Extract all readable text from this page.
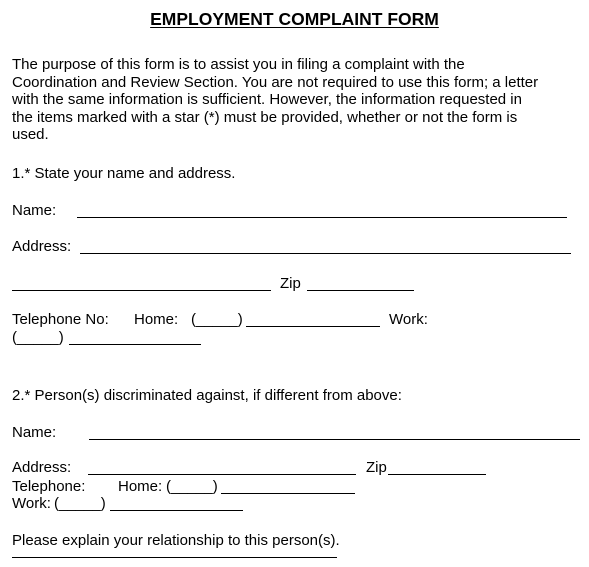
EMPLOYMENT COMPLAINT FORM
The purpose of this form is to assist you in filing a complaint with the
Coordination and Review Section. You are not required to use this form; a letter
with the same information is sufficient. However, the information requested in
the items marked with a star (*) must be provided, whether or not the form is
used.
1.* State your name and address.
Name:
Address:
Zip
Telephone No: Home: (_____)	Work:
(_____)
2.* Person(s) discriminated against, if different from above:
Name:
Address:	Zip
Telephone: Home: (_____)
Work: (_____)
Please explain your relationship to this person(s).
